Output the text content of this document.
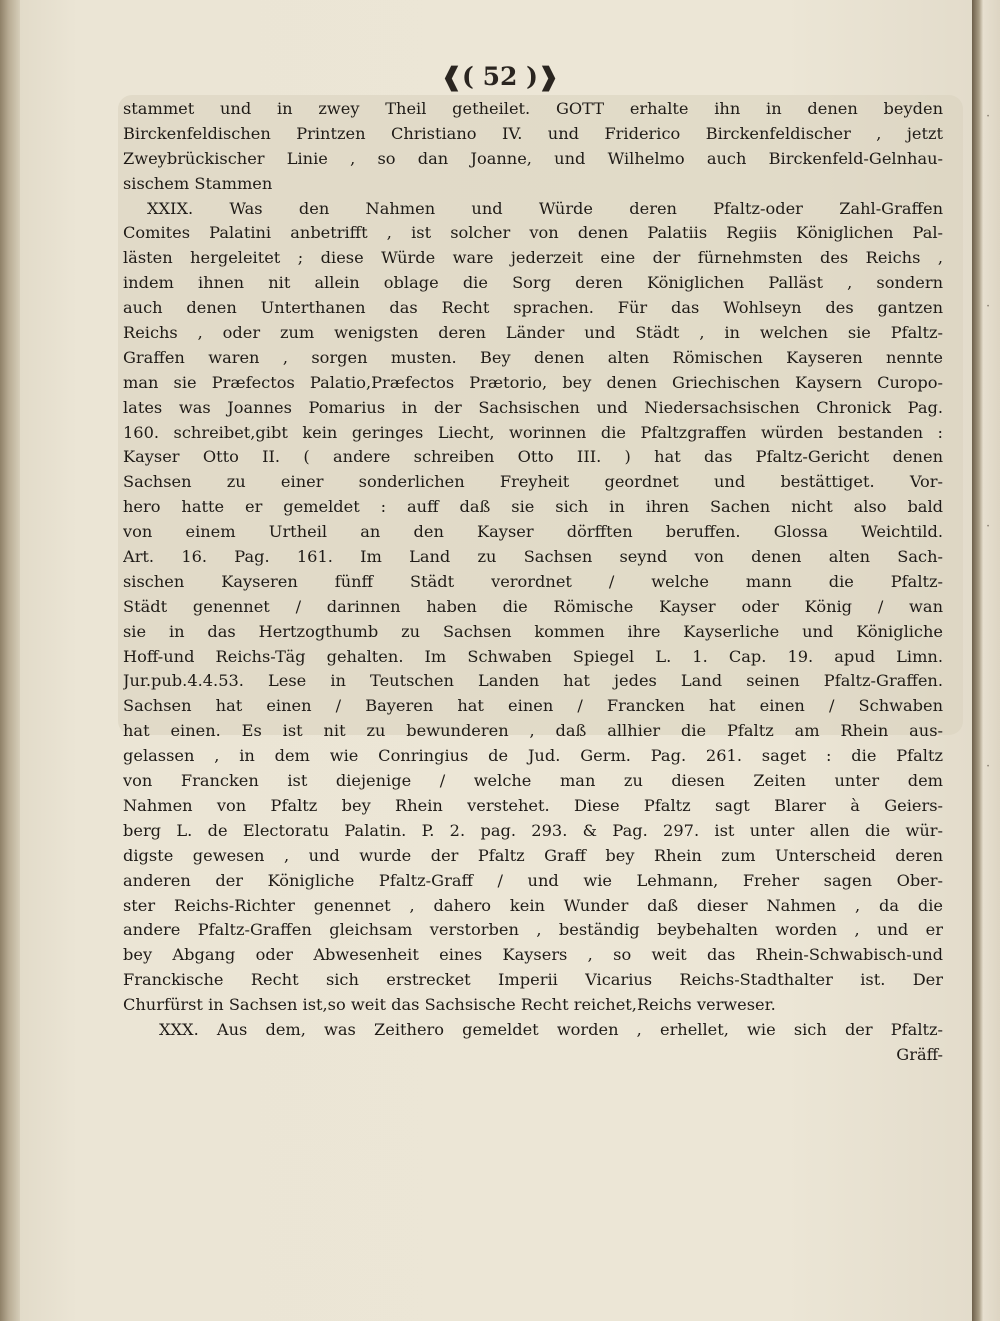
·
·
·
·
❰( 52 )❱
stammet und in zwey Theil getheilet. GOTT erhalte ihn in denen beyden
Birckenfeldischen Printzen Christiano IV. und Friderico Birckenfeldischer , jetzt
Zweybrückischer Linie , so dan Joanne, und Wilhelmo auch Birckenfeld-Gelnhau-
sischem Stammen
XXIX. Was den Nahmen und Würde deren Pfaltz-oder Zahl-Graffen
Comites Palatini anbetrifft , ist solcher von denen Palatiis Regiis Königlichen Pal-
lästen hergeleitet ; diese Würde ware jederzeit eine der fürnehmsten des Reichs ,
indem ihnen nit allein oblage die Sorg deren Königlichen Palläst , sondern
auch denen Unterthanen das Recht sprachen. Für das Wohlseyn des gantzen
Reichs , oder zum wenigsten deren Länder und Städt , in welchen sie Pfaltz-
Graffen waren , sorgen musten. Bey denen alten Römischen Kayseren nennte
man sie Præfectos Palatio,Præfectos Prætorio, bey denen Griechischen Kaysern Curopo-
lates was Joannes Pomarius in der Sachsischen und Niedersachsischen Chronick Pag.
160. schreibet,gibt kein geringes Liecht, worinnen die Pfaltzgraffen würden bestanden :
Kayser Otto II. ( andere schreiben Otto III. ) hat das Pfaltz-Gericht denen
Sachsen zu einer sonderlichen Freyheit geordnet und bestättiget. Vor-
hero hatte er gemeldet : auff daß sie sich in ihren Sachen nicht also bald
von einem Urtheil an den Kayser dörfften beruffen. Glossa Weichtild.
Art. 16. Pag. 161. Im Land zu Sachsen seynd von denen alten Sach-
sischen Kayseren fünff Städt verordnet / welche mann die Pfaltz-
Städt genennet / darinnen haben die Römische Kayser oder König / wan
sie in das Hertzogthumb zu Sachsen kommen ihre Kayserliche und Königliche
Hoff-und Reichs-Täg gehalten. Im Schwaben Spiegel L. 1. Cap. 19. apud Limn.
Jur.pub.4.4.53. Lese in Teutschen Landen hat jedes Land seinen Pfaltz-Graffen.
Sachsen hat einen / Bayeren hat einen / Francken hat einen / Schwaben
hat einen. Es ist nit zu bewunderen , daß allhier die Pfaltz am Rhein aus-
gelassen , in dem wie Conringius de Jud. Germ. Pag. 261. saget : die Pfaltz
von Francken ist diejenige / welche man zu diesen Zeiten unter dem
Nahmen von Pfaltz bey Rhein verstehet. Diese Pfaltz sagt Blarer à Geiers-
berg L. de Electoratu Palatin. P. 2. pag. 293. & Pag. 297. ist unter allen die wür-
digste gewesen , und wurde der Pfaltz Graff bey Rhein zum Unterscheid deren
anderen der Königliche Pfaltz-Graff / und wie Lehmann, Freher sagen Ober-
ster Reichs-Richter genennet , dahero kein Wunder daß dieser Nahmen , da die
andere Pfaltz-Graffen gleichsam verstorben , beständig beybehalten worden , und er
bey Abgang oder Abwesenheit eines Kaysers , so weit das Rhein-Schwabisch-und
Franckische Recht sich erstrecket Imperii Vicarius Reichs-Stadthalter ist. Der
Churfürst in Sachsen ist,so weit das Sachsische Recht reichet,Reichs verweser.
XXX. Aus dem, was Zeithero gemeldet worden , erhellet, wie sich der Pfaltz-
Gräff-
